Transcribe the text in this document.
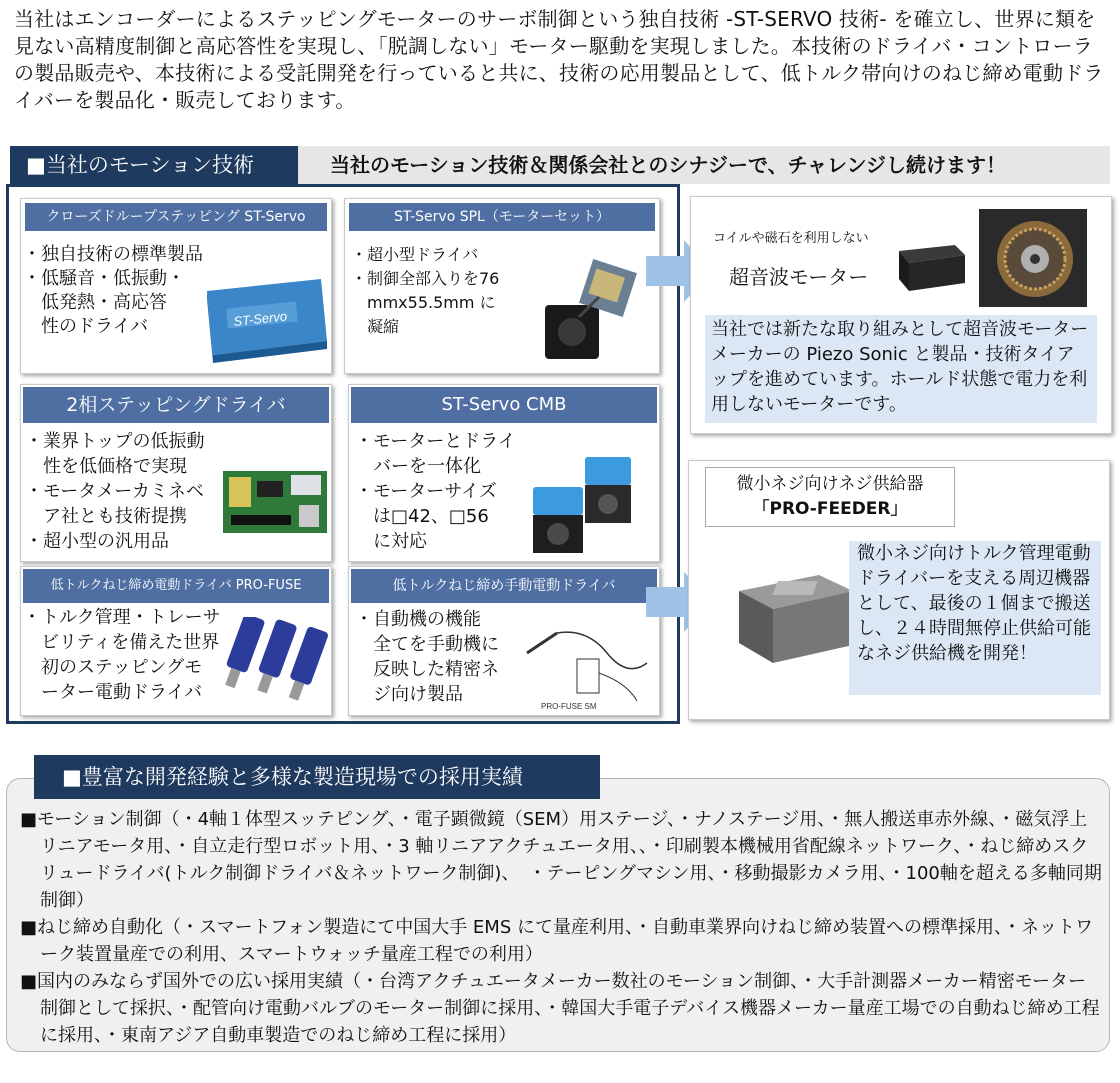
当社はエンコーダーによるステッピングモーターのサーボ制御という独自技術 -ST-SERVO 技術- を確立し、世界に類を見ない高精度制御と高応答性を実現し、「脱調しない」モーター駆動を実現しました。本技術のドライバ・コントローラの製品販売や、本技術による受託開発を行っていると共に、技術の応用製品として、低トルク帯向けのねじ締め電動ドライバーを製品化・販売しております。
■当社のモーション技術	当社のモーション技術＆関係会社とのシナジーで、チャレンジし続けます！
クローズドループステッピング ST-Servo
・独自技術の標準製品
・低騒音・低振動・
　低発熱・高応答
　性のドライバ	ST-Servo
ST-Servo SPL（モーターセット）
・超小型ドライバ
・制御全部入りを76
　mmx55.5mm に
　凝縮
2相ステッピングドライバ
・業界トップの低振動
　性を低価格で実現
・モータメーカミネベ
　ア社とも技術提携
・超小型の汎用品
ST-Servo CMB
・モーターとドライ
　バーを一体化
・モーターサイズ
　は□42、□56
　に対応
低トルクねじ締め電動ドライバ PRO-FUSE
・トルク管理・トレーサ
　ビリティを備えた世界
　初のステッピングモ
　ーター電動ドライバ
低トルクねじ締め手動電動ドライバ
・自動機の機能
　全てを手動機に
　反映した精密ネ
　ジ向け製品
PRO-FUSE SM
コイルや磁石を利用しない
超音波モーター
当社では新たな取り組みとして超音波モーターメーカーの Piezo Sonic と製品・技術タイアップを進めています。ホールド状態で電力を利用しないモーターです。
微小ネジ向けネジ供給器
「PRO-FEEDER」
微小ネジ向けトルク管理電動ドライバーを支える周辺機器として、最後の１個まで搬送し、２４時間無停止供給可能なネジ供給機を開発！
■豊富な開発経験と多様な製造現場での採用実績

■モーション制御（・4軸１体型スッテピング、・電子顕微鏡（SEM）用ステージ、・ナノステージ用、・無人搬送車赤外線、・磁気浮上リニアモータ用、・自立走行型ロボット用、・3 軸リニアアクチュエータ用、、・印刷製本機械用省配線ネットワーク、・ねじ締めスクリュードライバ(トルク制御ドライバ＆ネットワーク制御)、　・テーピングマシン用、・移動撮影カメラ用、・100軸を超える多軸同期制御）

■ねじ締め自動化（・スマートフォン製造にて中国大手 EMS にて量産利用、・自動車業界向けねじ締め装置への標準採用、・ネットワーク装置量産での利用、スマートウォッチ量産工程での利用）

■国内のみならず国外での広い採用実績（・台湾アクチュエータメーカー数社のモーション制御、・大手計測器メーカー精密モーター制御として採択、・配管向け電動バルブのモーター制御に採用、・韓国大手電子デバイス機器メーカー量産工場での自動ねじ締め工程に採用、・東南アジア自動車製造でのねじ締め工程に採用）
